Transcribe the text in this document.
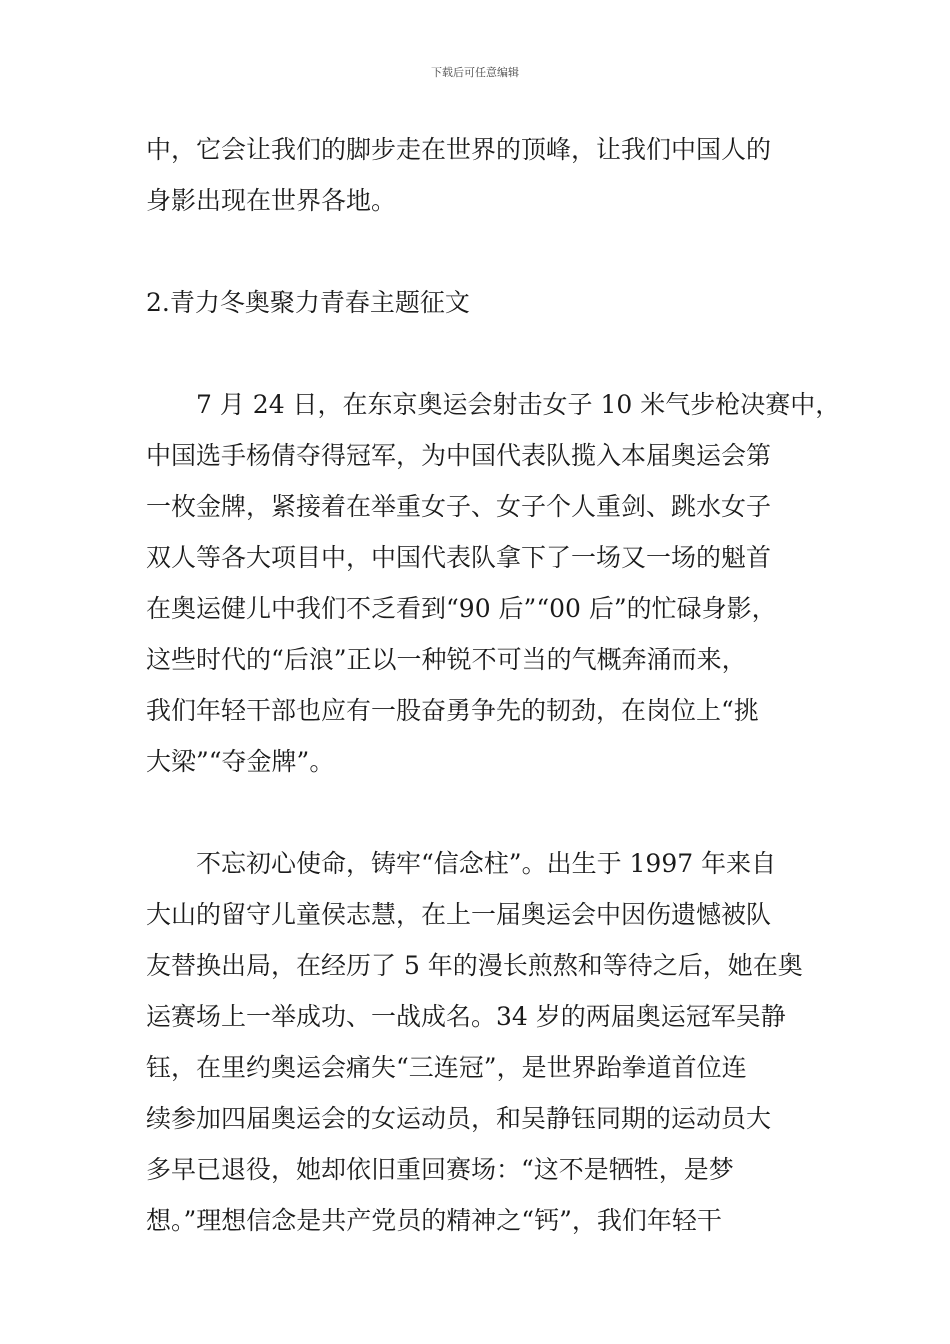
下载后可任意编辑
中，它会让我们的脚步走在世界的顶峰，让我们中国人的
身影出现在世界各地。
2.青力冬奥聚力青春主题征文
7 月 24 日，在东京奥运会射击女子 10 米气步枪决赛中，
中国选手杨倩夺得冠军，为中国代表队揽入本届奥运会第
一枚金牌，紧接着在举重女子、女子个人重剑、跳水女子
双人等各大项目中，中国代表队拿下了一场又一场的魁首
在奥运健儿中我们不乏看到“90 后”“00 后”的忙碌身影，
这些时代的“后浪”正以一种锐不可当的气概奔涌而来，
我们年轻干部也应有一股奋勇争先的韧劲，在岗位上“挑
大梁”“夺金牌”。
不忘初心使命，铸牢“信念柱”。出生于 1997 年来自
大山的留守儿童侯志慧，在上一届奥运会中因伤遗憾被队
友替换出局，在经历了 5 年的漫长煎熬和等待之后，她在奥
运赛场上一举成功、一战成名。34 岁的两届奥运冠军吴静
钰，在里约奥运会痛失“三连冠”，是世界跆拳道首位连
续参加四届奥运会的女运动员，和吴静钰同期的运动员大
多早已退役，她却依旧重回赛场：“这不是牺牲，是梦
想。”理想信念是共产党员的精神之“钙”，我们年轻干
